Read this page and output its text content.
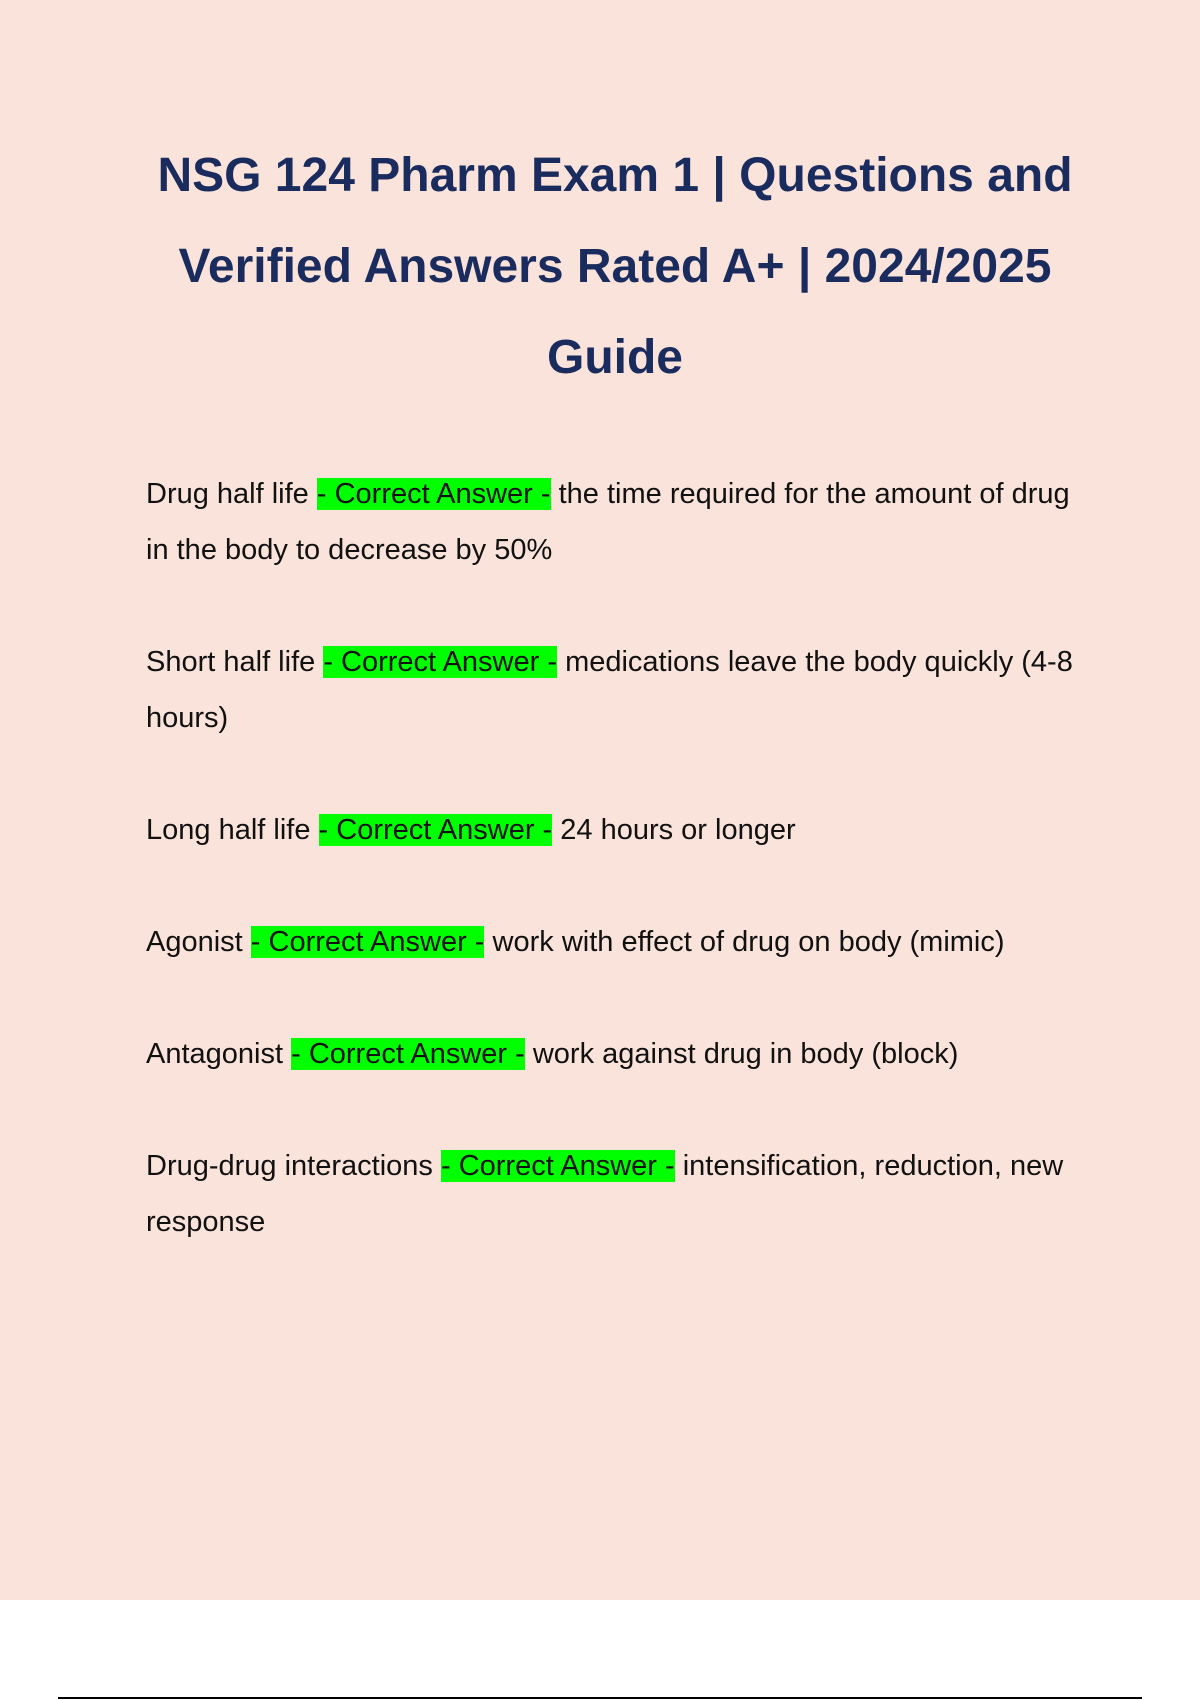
NSG 124 Pharm Exam 1 | Questions and Verified Answers Rated A+ | 2024/2025 Guide

Drug half life - Correct Answer - the time required for the amount of drug in the body to decrease by 50%

Short half life - Correct Answer - medications leave the body quickly (4-8 hours)

Long half life - Correct Answer - 24 hours or longer

Agonist - Correct Answer - work with effect of drug on body (mimic)

Antagonist - Correct Answer - work against drug in body (block)

Drug-drug interactions - Correct Answer - intensification, reduction, new response
